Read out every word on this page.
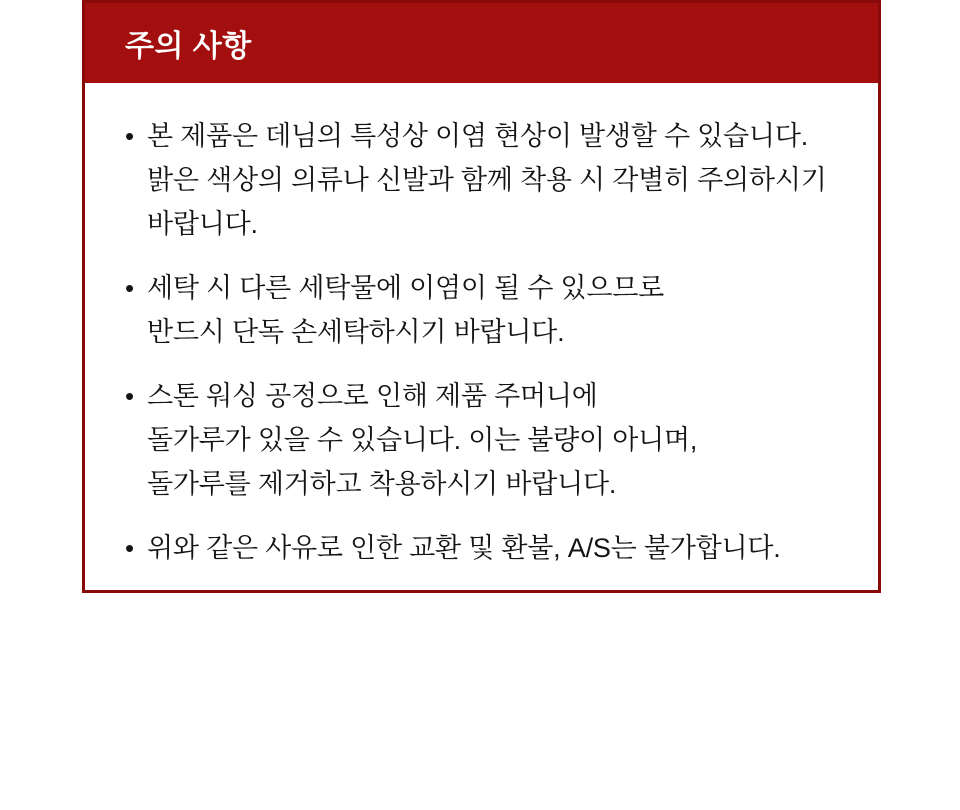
주의 사항
• 본 제품은 데님의 특성상 이염 현상이 발생할 수 있습니다.
밝은 색상의 의류나 신발과 함께 착용 시 각별히 주의하시기
바랍니다.
• 세탁 시 다른 세탁물에 이염이 될 수 있으므로
반드시 단독 손세탁하시기 바랍니다.
• 스톤 워싱 공정으로 인해 제품 주머니에
돌가루가 있을 수 있습니다. 이는 불량이 아니며,
돌가루를 제거하고 착용하시기 바랍니다.
• 위와 같은 사유로 인한 교환 및 환불, A/S는 불가합니다.
